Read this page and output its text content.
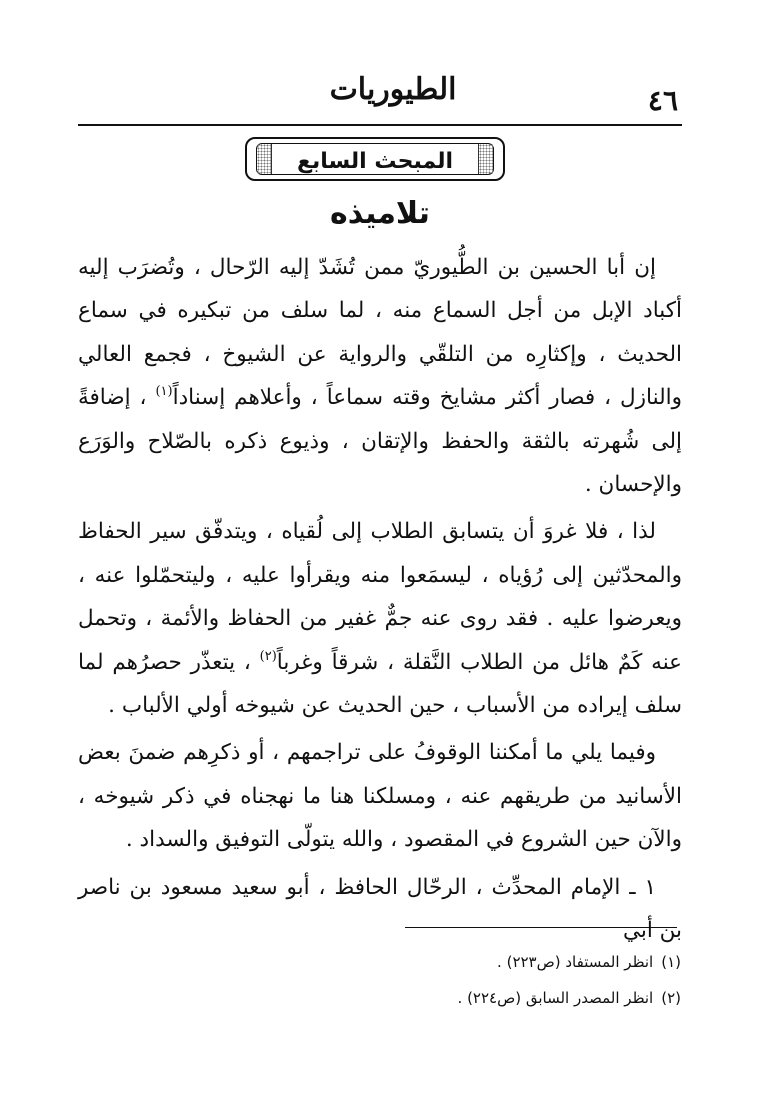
٤٦
الطيوريات
المبحث السابع
تلاميذه

إن أبا الحسين بن الطُّيوريّ ممن تُشَدّ إليه الرّحال ، وتُضرَب إليه أكباد الإبل من أجل السماع منه ، لما سلف من تبكيره في سماع الحديث ، وإكثارِه من التلقّي والرواية عن الشيوخ ، فجمع العالي والنازل ، فصار أكثر مشايخ وقته سماعاً ، وأعلاهم إسناداً$^{(١)}$ ، إضافةً إلى شُهرته بالثقة والحفظ والإتقان ، وذيوع ذكره بالصّلاح والوَرَع والإحسان .

لذا ، فلا غروَ أن يتسابق الطلاب إلى لُقياه ، ويتدفّق سير الحفاظ والمحدّثين إلى رُؤياه ، ليسمَعوا منه ويقرأوا عليه ، وليتحمّلوا عنه ، ويعرضوا عليه . فقد روى عنه جمٌّ غفير من الحفاظ والأئمة ، وتحمل عنه كَمٌ هائل من الطلاب النَّقلة ، شرقاً وغرباً$^{(٢)}$ ، يتعذّر حصرُهم لما سلف إيراده من الأسباب ، حين الحديث عن شيوخه أولي الألباب .

وفيما يلي ما أمكننا الوقوفُ على تراجمهم ، أو ذكرِهم ضمنَ بعض الأسانيد من طريقهم عنه ، ومسلكنا هنا ما نهجناه في ذكر شيوخه ، والآن حين الشروع في المقصود ، والله يتولّى التوفيق والسداد .

١ ـ الإمام المحدِّث ، الرحّال الحافظ ، أبو سعيد مسعود بن ناصر بن أبي

(١)انظر المستفاد (ص٢٢٣) .
(٢)انظر المصدر السابق (ص٢٢٤) .
